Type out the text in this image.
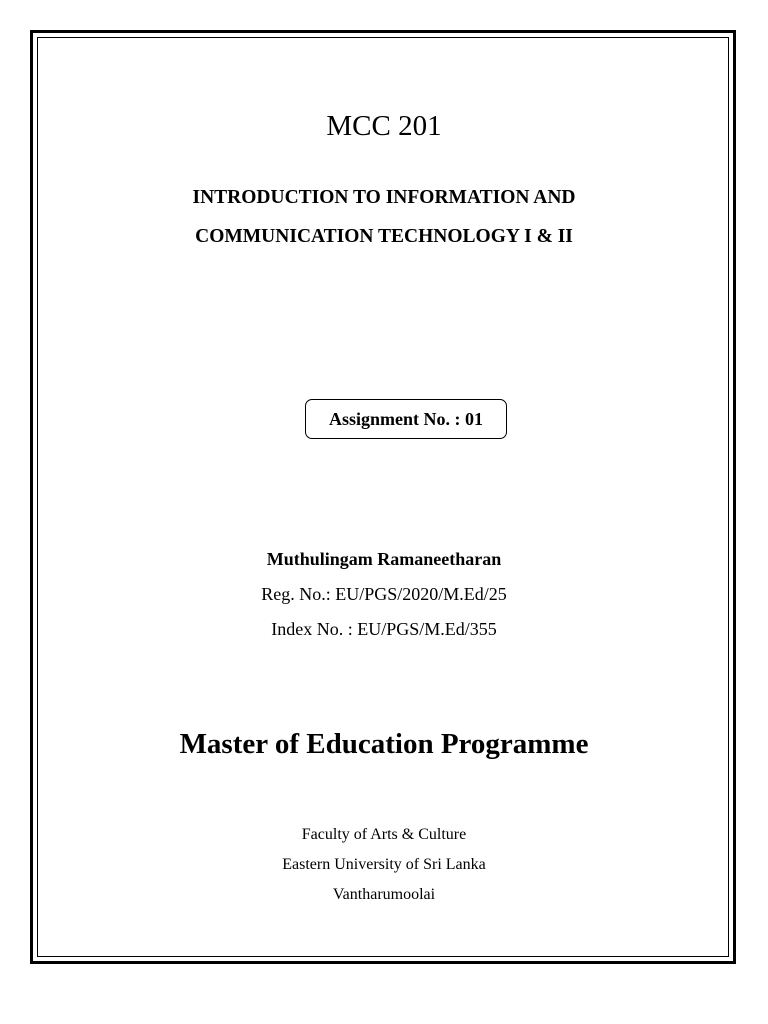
MCC 201
INTRODUCTION TO INFORMATION AND
COMMUNICATION TECHNOLOGY I & II
Assignment No. : 01
Muthulingam Ramaneetharan
Reg. No.: EU/PGS/2020/M.Ed/25
Index No. : EU/PGS/M.Ed/355
Master of Education Programme
Faculty of Arts & Culture
Eastern University of Sri Lanka
Vantharumoolai
